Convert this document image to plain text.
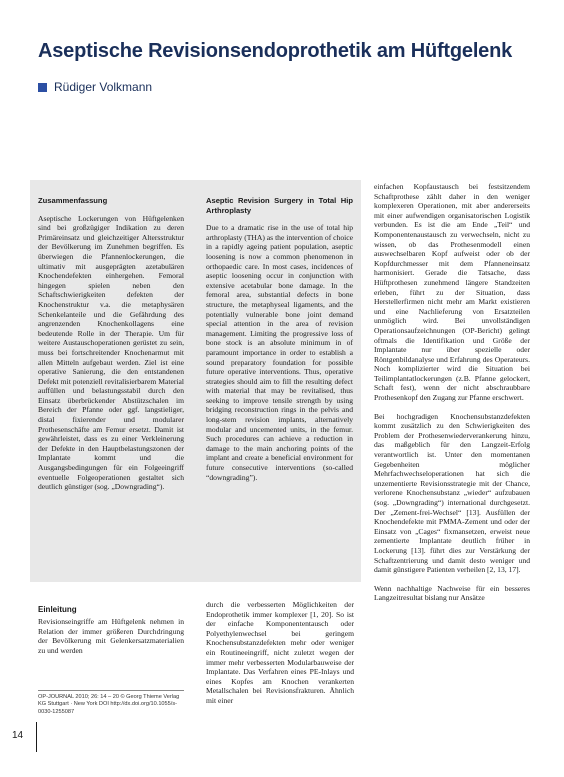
Aseptische Revisionsendoprothetik am Hüftgelenk
Rüdiger Volkmann
Zusammenfassung
Aseptische Lockerungen von Hüftgelenken sind bei großzügiger Indikation zu deren Primäreinsatz und gleichzeitiger Altersstruktur der Bevölkerung im Zunehmen begriffen. Es überwiegen die Pfannenlockerungen, die ultimativ mit ausgeprägten azetabulären Knochendefekten einhergehen. Femoral hingegen spielen neben den Schaftschwierigkeiten defekten der Knochenstruktur v.a. die metaphysären Schenkelanteile und die Gefährdung des angrenzenden Knochenkollagens eine bedeutende Rolle in der Therapie. Um für weitere Austauschoperationen gerüstet zu sein, muss bei fortschreitender Knochenarmut mit allen Mitteln aufgebaut werden. Ziel ist eine operative Sanierung, die den entstandenen Defekt mit potenziell revitalisierbarem Material auffüllen und belastungsstabil durch den Einsatz überbrückender Abstützschalen im Bereich der Pfanne oder ggf. langstieliger, distal fixierender und modularer Prothesenschäfte am Femur ersetzt. Damit ist gewährleistet, dass es zu einer Verkleinerung der Defekte in den Hauptbelastungszonen der Implantate kommt und die Ausgangsbedingungen für ein Folgeeingriff eventuelle Folgeoperationen gestaltet sich deutlich günstiger (sog. „Downgrading“).
Aseptic Revision Surgery in Total Hip Arthroplasty
Due to a dramatic rise in the use of total hip arthroplasty (THA) as the intervention of choice in a rapidly ageing patient population, aseptic loosening is now a common phenomenon in orthopaedic care. In most cases, incidences of aseptic loosening occur in conjunction with extensive acetabular bone damage. In the femoral area, substantial defects in bone structure, the metaphyseal ligaments, and the potentially vulnerable bone joint demand special attention in the area of revision management. Limiting the progressive loss of bone stock is an absolute minimum in of paramount importance in order to establish a sound preparatory foundation for possible future operative interventions. Thus, operative strategies should aim to fill the resulting defect with material that may be revitalised, thus seeking to improve tensile strength by using bridging reconstruction rings in the pelvis and long-stem revision implants, alternatively modular and uncemented units, in the femur. Such procedures can achieve a reduction in damage to the main anchoring points of the implant and create a beneficial environment for future consecutive interventions (so-called “downgrading”).
Einleitung
Revisionseingriffe am Hüftgelenk nehmen in Relation der immer größeren Durchdringung der Bevölkerung mit Gelenkersatzmaterialien zu und werden
OP-JOURNAL 2010; 26: 14 – 20 © Georg Thieme Verlag KG Stuttgart · New York DOI http://dx.doi.org/10.1055/s-0030-1255087
durch die verbesserten Möglichkeiten der Endoprothetik immer komplexer [1, 20]. So ist der einfache Komponententausch oder Polyethylenwechsel bei geringem Knochensubstanzdefekten mehr oder weniger ein Routineeingriff, nicht zuletzt wegen der immer mehr verbesserten Modularbauweise der Implantate. Das Verfahren eines PE-Inlays und eines Kopfes am Knochen verankerten Metallschalen bei Revisionsfrakturen. Ähnlich mit einer

einfachen Kopfaustausch bei festsitzendem Schaftprothese zählt daher in den weniger komplexeren Operationen, mit aber andererseits mit einer aufwendigen organisatorischen Logistik verbunden. Es ist die am Ende „Teil“ und Komponentenaustausch zu verwechseln, nicht zu wissen, ob das Prothesenmodell einen auswechselbaren Kopf aufweist oder ob der Kopfdurchmesser mit dem Pfanneneinsatz harmonisiert. Gerade die Tatsache, dass Hüftprothesen zunehmend längere Standzeiten erleben, führt zu der Situation, dass Herstellerfirmen nicht mehr am Markt existieren und eine Nachlieferung von Ersatzteilen unmöglich wird. Bei unvollständigen Operationsaufzeichnungen (OP-Bericht) gelingt oftmals die Identifikation und Größe der Implantate nur über spezielle oder Röntgenbildanalyse und Erfahrung des Operateurs. Noch komplizierter wird die Situation bei Teilimplantatlockerungen (z.B. Pfanne gelockert, Schaft fest), wenn der nicht abschraubbare Prothesenkopf den Zugang zur Pfanne erschwert.

Bei hochgradigen Knochensubstanzdefekten kommt zusätzlich zu den Schwierigkeiten des Problem der Prothesenwiederverankerung hinzu, das maßgeblich für den Langzeit-Erfolg verantwortlich ist. Unter den momentanen Gegebenheiten möglicher Mehrfachwechseloperationen hat sich die unzementierte Revisionsstrategie mit der Chance, verlorene Knochensubstanz „wieder“ aufzubauen (sog. „Downgrading“) international durchgesetzt. Der „Zement-frei-Wechsel“ [13]. Ausfüllen der Knochendefekte mit PMMA-Zement und oder der Einsatz von „Cages“ fixmansetzen, erweist neue zementierte Implantate deutlich früher in Lockerung [13]. führt dies zur Verstärkung der Schaftzentrierung und damit desto weniger und damit günstigere Patienten verheilen [2, 13, 17].

Wenn nachhaltige Nachweise für ein besseres Langzeitresultat bislang nur Ansätze

14
